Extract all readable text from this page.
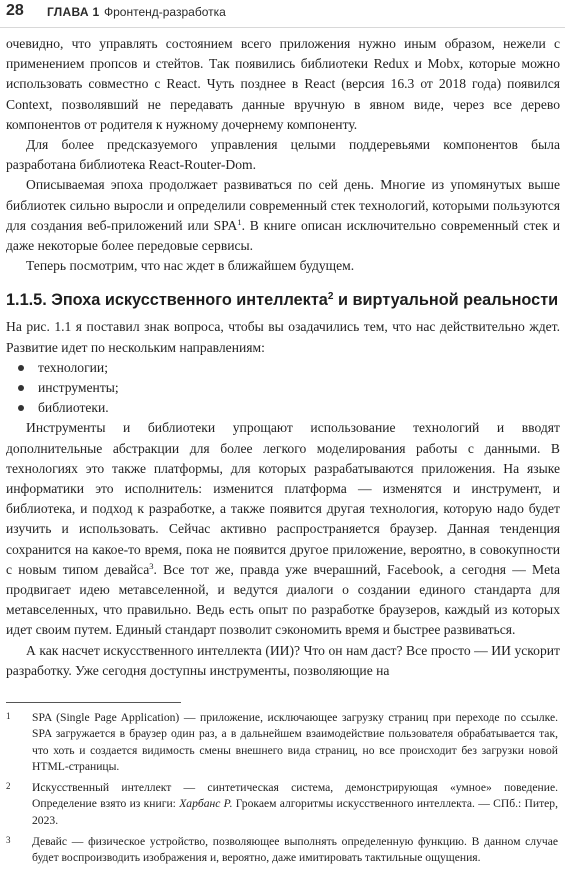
28 ГЛАВА 1 Фронтенд-разработка

очевидно, что управлять состоянием всего приложения нужно иным образом, нежели с применением пропсов и стейтов. Так появились библиотеки Redux и Mobx, которые можно использовать совместно с React. Чуть позднее в React (версия 16.3 от 2018 года) появился Context, позволявший не передавать данные вручную в явном виде, через все дерево компонентов от родителя к нужному дочернему компоненту.

Для более предсказуемого управления целыми поддеревьями компонентов была разработана библиотека React-Router-Dom.

Описываемая эпоха продолжает развиваться по сей день. Многие из упомянутых выше библиотек сильно выросли и определили современный стек технологий, которыми пользуются для создания веб-приложений или SPA$^1$. В книге описан исключительно современный стек и даже некоторые более передовые сервисы.

Теперь посмотрим, что нас ждет в ближайшем будущем.

1.1.5. Эпоха искусственного интеллекта$^2$ и виртуальной реальности

На рис. 1.1 я поставил знак вопроса, чтобы вы озадачились тем, что нас действительно ждет. Развитие идет по нескольким направлениям:

технологии;
инструменты;
библиотеки.

Инструменты и библиотеки упрощают использование технологий и вводят дополнительные абстракции для более легкого моделирования работы с данными. В технологиях это также платформы, для которых разрабатываются приложения. На языке информатики это исполнитель: изменится платформа — изменятся и инструмент, и библиотека, и подход к разработке, а также появится другая технология, которую надо будет изучить и использовать. Сейчас активно распространяется браузер. Данная тенденция сохранится на какое-то время, пока не появится другое приложение, вероятно, в совокупности с новым типом девайса$^3$. Все тот же, правда уже вчерашний, Facebook, а сегодня — Meta продвигает идею метавселенной, и ведутся диалоги о создании единого стандарта для метавселенных, что правильно. Ведь есть опыт по разработке браузеров, каждый из которых идет своим путем. Единый стандарт позволит сэкономить время и быстрее развиваться.

А как насчет искусственного интеллекта (ИИ)? Что он нам даст? Все просто — ИИ ускорит разработку. Уже сегодня доступны инструменты, позволяющие на

1 SPA (Single Page Application) — приложение, исключающее загрузку страниц при переходе по ссылке. SPA загружается в браузер один раз, а в дальнейшем взаимодействие пользователя обрабатывается так, что хоть и создается видимость смены внешнего вида страниц, но все происходит без загрузки новой HTML-страницы.
2 Искусственный интеллект — синтетическая система, демонстрирующая «умное» поведение. Определение взято из книги: Харбанс Р. Грокаем алгоритмы искусственного интеллекта. — СПб.: Питер, 2023.
3 Девайс — физическое устройство, позволяющее выполнять определенную функцию. В данном случае будет воспроизводить изображения и, вероятно, даже имитировать тактильные ощущения.
